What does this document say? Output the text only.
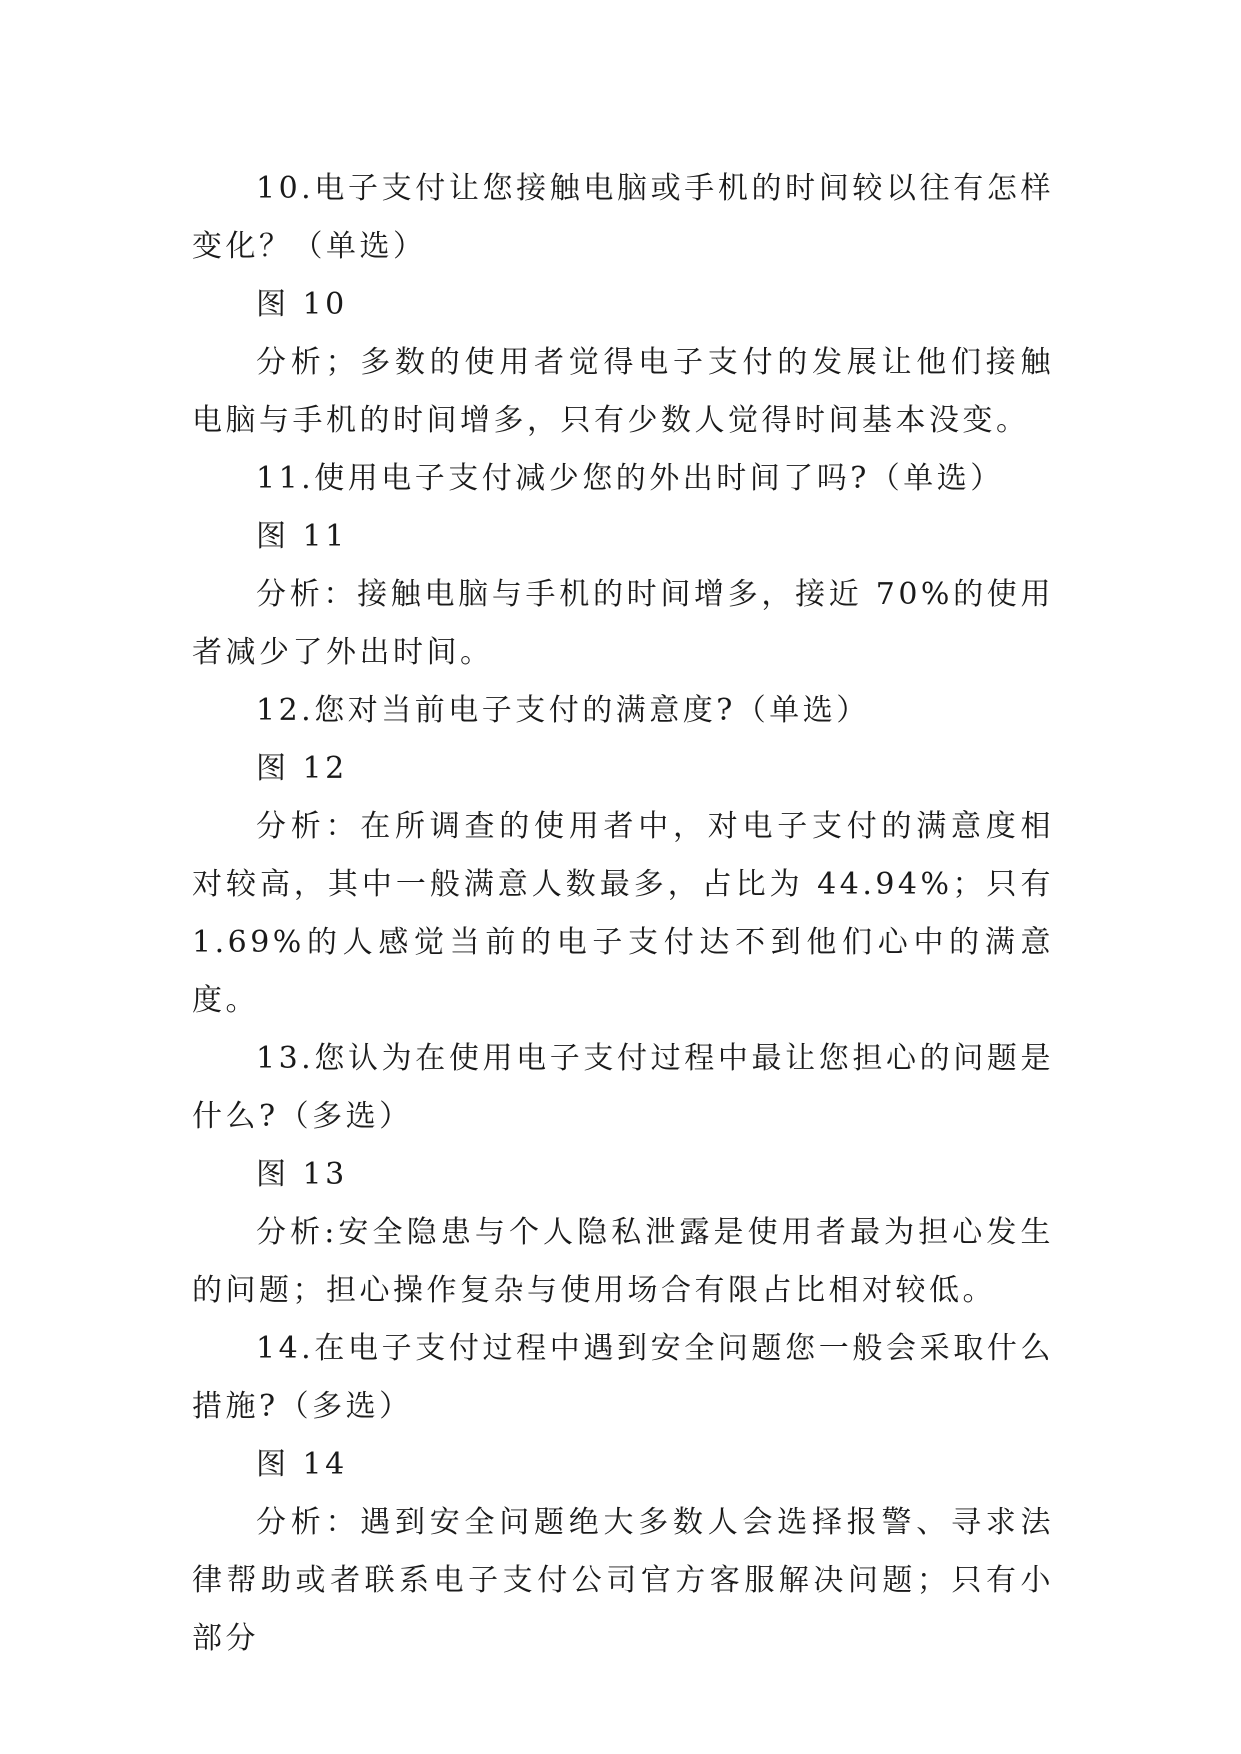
10.电子支付让您接触电脑或手机的时间较以往有怎样变化？（单选）

图 10

分析；多数的使用者觉得电子支付的发展让他们接触电脑与手机的时间增多，只有少数人觉得时间基本没变。

11.使用电子支付减少您的外出时间了吗?（单选）

图 11

分析：接触电脑与手机的时间增多，接近 70%的使用者减少了外出时间。

12.您对当前电子支付的满意度?（单选）

图 12

分析：在所调查的使用者中，对电子支付的满意度相对较高，其中一般满意人数最多，占比为 44.94%；只有 1.69%的人感觉当前的电子支付达不到他们心中的满意度。

13.您认为在使用电子支付过程中最让您担心的问题是什么?（多选）

图 13

分析:安全隐患与个人隐私泄露是使用者最为担心发生的问题；担心操作复杂与使用场合有限占比相对较低。

14.在电子支付过程中遇到安全问题您一般会采取什么措施?（多选）

图 14

分析：遇到安全问题绝大多数人会选择报警、寻求法律帮助或者联系电子支付公司官方客服解决问题；只有小部分
